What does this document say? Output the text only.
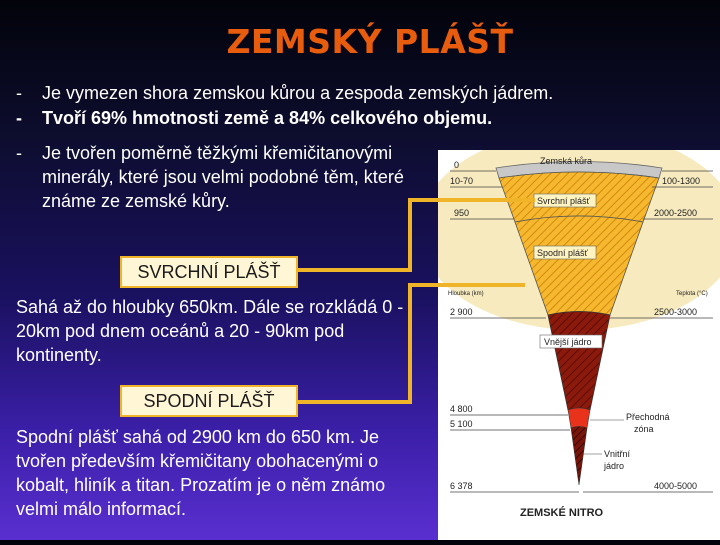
ZEMSKÝ PLÁŠŤ
- Je vymezen shora zemskou kůrou a zespoda zemských jádrem.
- Tvoří 69% hmotnosti země a 84% celkového objemu.
- Je tvořen poměrně těžkými křemičitanovými minerály, které jsou velmi podobné těm, které známe ze zemské kůry.
SVRCHNÍ PLÁŠŤ
Sahá až do hloubky 650km. Dále se rozkládá 0 - 20km pod dnem oceánů a 20 - 90km pod kontinenty.
SPODNÍ PLÁŠŤ
Spodní plášť sahá od 2900 km do 650 km. Je tvořen především křemičitany obohacenými o kobalt, hliník a titan. Prozatím je o něm známo velmi málo informací.
0
10-70
950
Hloubka (km)
2 900
4 800
5 100
6 378
100-1300
2000-2500
Teplota (°C)
2500-3000
4000-5000
Zemská kůra
Svrchní plášť
Spodní plášť
Vnější jádro
Přechodná
zóna
Vnitřní
jádro
ZEMSKÉ NITRO
